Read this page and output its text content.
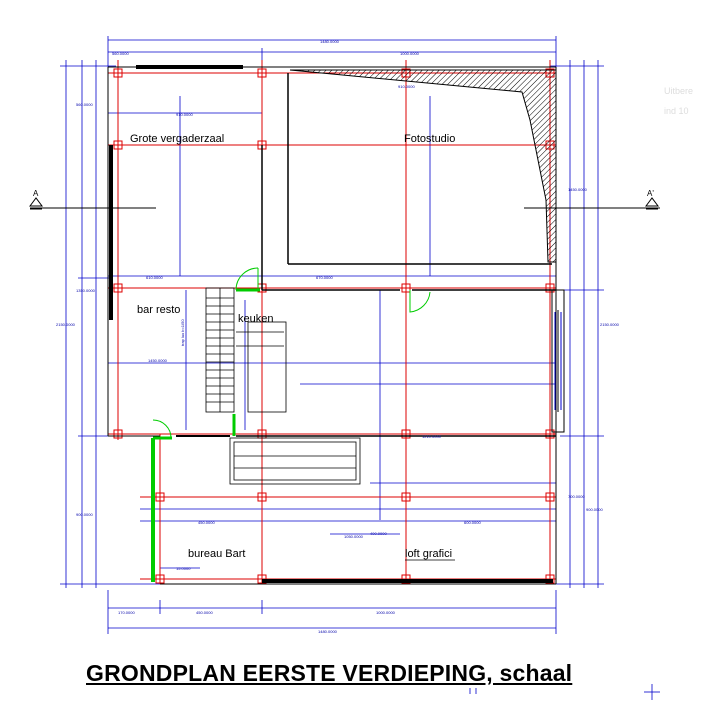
A	A'
Grote vergaderzaal	Fotostudio
bar resto
keuken
bureau Bart	loft grafici
trap lux b=1/50
1480.0000
560.0000	1000.0000
1480.0000
170.0000	450.0000	1000.0000
2150.0000
560.0000
1350.0000
900.0000
2150.0000
1450.0000
900.0000
700.0000
910.0000
910.0000
610.0000	670.0000
1450.0000
1050.0000
1210.0000
600.0000
450.0000
400.0000
15.0000
Uitbere
ind 10
GRONDPLAN EERSTE VERDIEPING, schaal
